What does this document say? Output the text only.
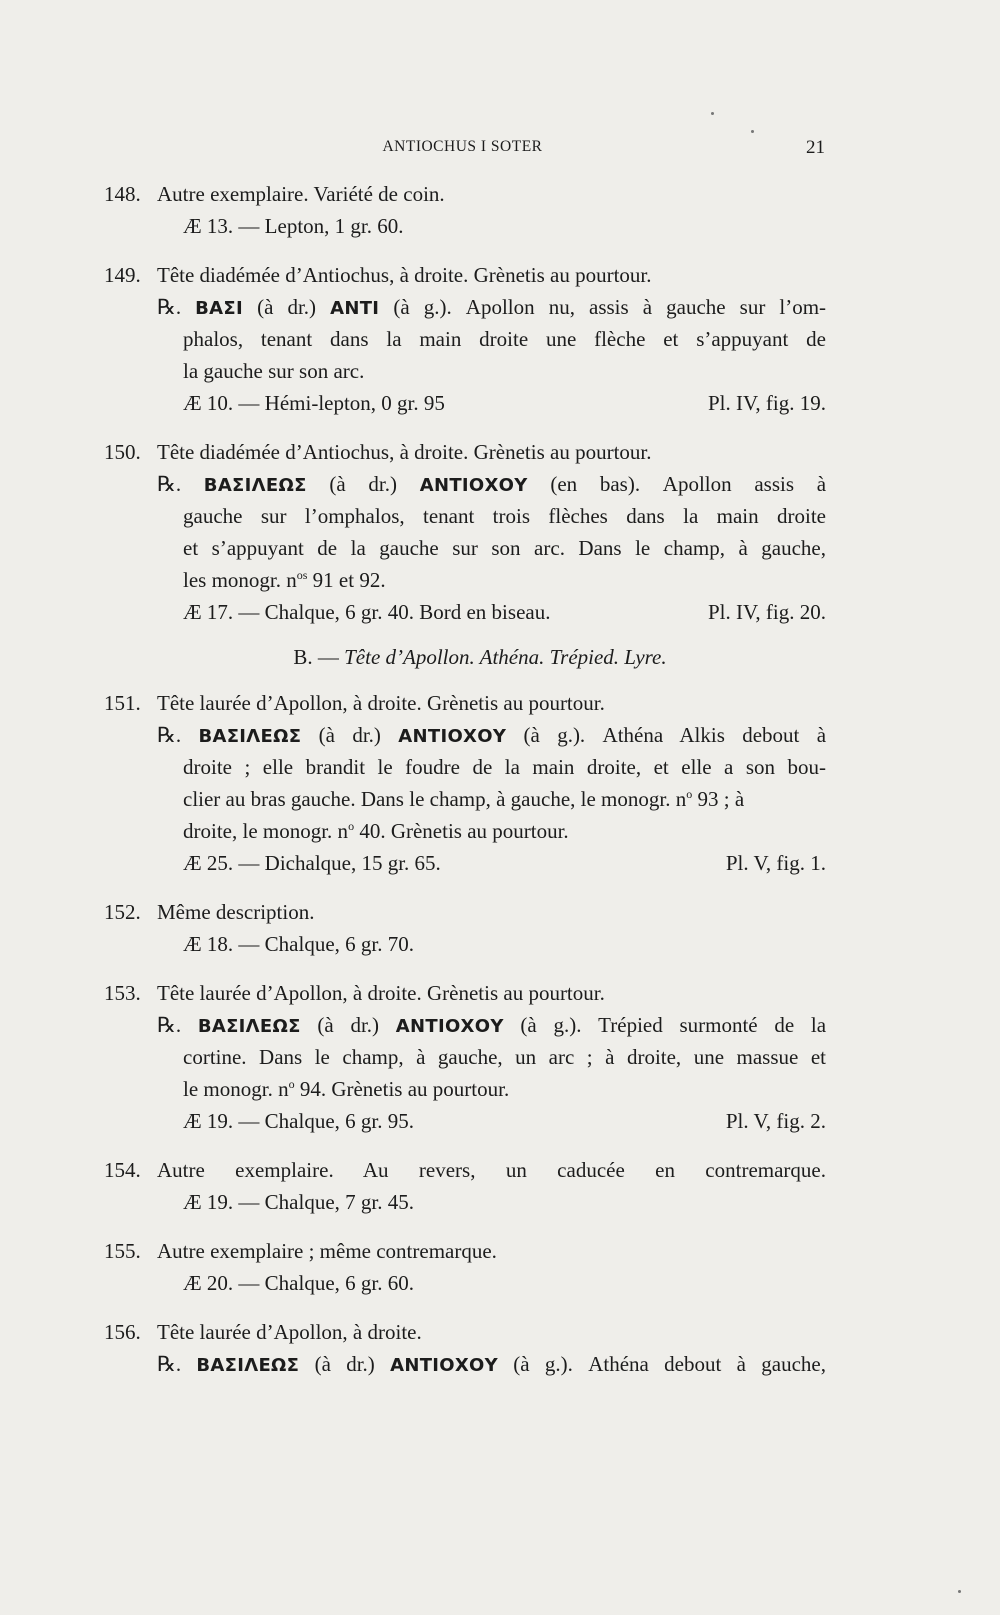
ANTIOCHUS I SOTER	21
148. Autre exemplaire. Variété de coin.
Æ 13. — Lepton, 1 gr. 60.
149. Tête diadémée d’Antiochus, à droite. Grènetis au pourtour.
℞. ΒΑΣΙ (à dr.) ΑΝΤΙ (à g.). Apollon nu, assis à gauche sur l’om-
phalos, tenant dans la main droite une flèche et s’appuyant de
la gauche sur son arc.
Æ 10. — Hémi-lepton, 0 gr. 95	Pl. IV, fig. 19.
150. Tête diadémée d’Antiochus, à droite. Grènetis au pourtour.
℞. ΒΑΣΙΛΕΩΣ (à dr.) ΑΝΤΙΟΧΟΥ (en bas). Apollon assis à
gauche sur l’omphalos, tenant trois flèches dans la main droite
et s’appuyant de la gauche sur son arc. Dans le champ, à gauche,
les monogr. $n^{os}$ 91 et 92.
Æ 17. — Chalque, 6 gr. 40. Bord en biseau.	Pl. IV, fig. 20.
B. — Tête d’Apollon. Athéna. Trépied. Lyre.
151. Tête laurée d’Apollon, à droite. Grènetis au pourtour.
℞. ΒΑΣΙΛΕΩΣ (à dr.) ΑΝΤΙΟΧΟΥ (à g.). Athéna Alkis debout à
droite ; elle brandit le foudre de la main droite, et elle a son bou-
clier au bras gauche. Dans le champ, à gauche, le monogr. $n^o$ 93 ; à
droite, le monogr. $n^o$ 40. Grènetis au pourtour.
Æ 25. — Dichalque, 15 gr. 65.	Pl. V, fig. 1.
152. Même description.
Æ 18. — Chalque, 6 gr. 70.
153. Tête laurée d’Apollon, à droite. Grènetis au pourtour.
℞. ΒΑΣΙΛΕΩΣ (à dr.) ΑΝΤΙΟΧΟΥ (à g.). Trépied surmonté de la
cortine. Dans le champ, à gauche, un arc ; à droite, une massue et
le monogr. $n^o$ 94. Grènetis au pourtour.
Æ 19. — Chalque, 6 gr. 95.	Pl. V, fig. 2.
154. Autre exemplaire. Au revers, un caducée en contremarque.
Æ 19. — Chalque, 7 gr. 45.
155. Autre exemplaire ; même contremarque.
Æ 20. — Chalque, 6 gr. 60.
156. Tête laurée d’Apollon, à droite.
℞. ΒΑΣΙΛΕΩΣ (à dr.) ΑΝΤΙΟΧΟΥ (à g.). Athéna debout à gauche,
